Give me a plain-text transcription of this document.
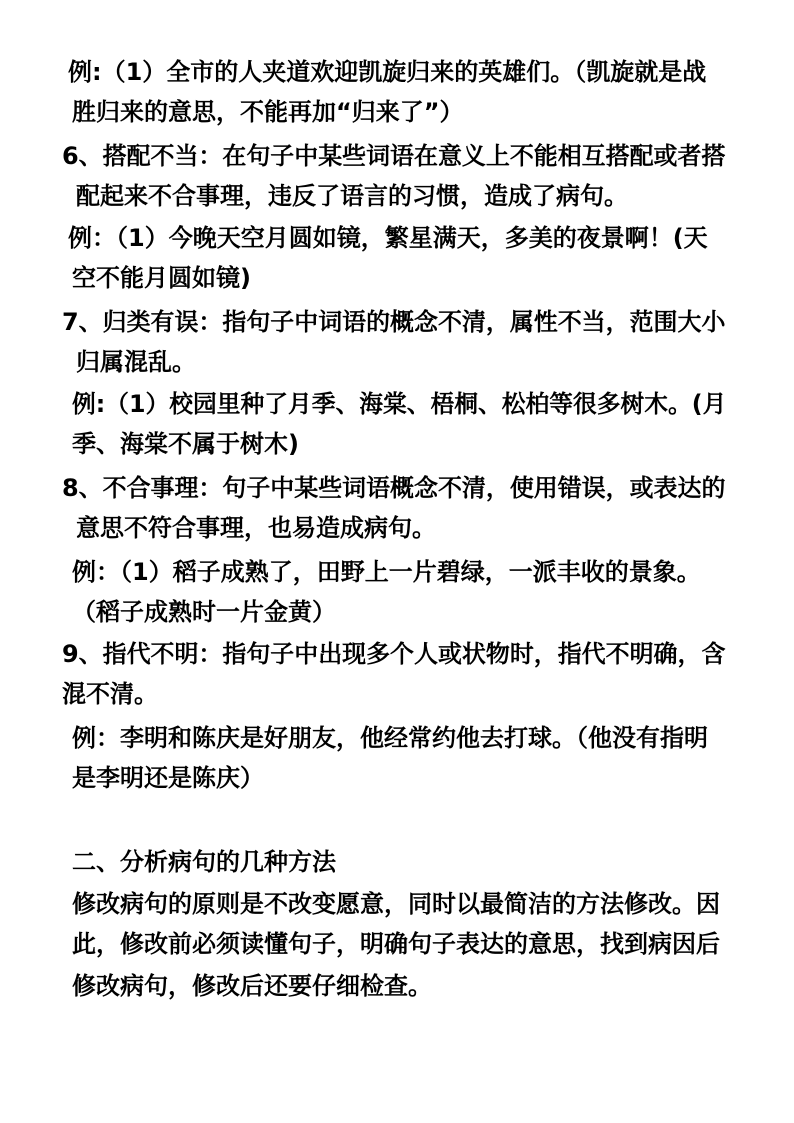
例:（1）全市的人夹道欢迎凯旋归来的英雄们。（凯旋就是战
胜归来的意思，不能再加“归来了”）
6、搭配不当：在句子中某些词语在意义上不能相互搭配或者搭
配起来不合事理，违反了语言的习惯，造成了病句。
例：（1）今晚天空月圆如镜，繁星满天，多美的夜景啊！(天
空不能月圆如镜)
7、归类有误：指句子中词语的概念不清，属性不当，范围大小
归属混乱。
例:（1）校园里种了月季、海棠、梧桐、松柏等很多树木。(月
季、海棠不属于树木)
8、不合事理：句子中某些词语概念不清，使用错误，或表达的
意思不符合事理，也易造成病句。
例：（1）稻子成熟了，田野上一片碧绿，一派丰收的景象。
（稻子成熟时一片金黄）
9、指代不明：指句子中出现多个人或状物时，指代不明确，含
混不清。
例：李明和陈庆是好朋友，他经常约他去打球。（他没有指明
是李明还是陈庆）
二、分析病句的几种方法
修改病句的原则是不改变愿意，同时以最简洁的方法修改。因
此，修改前必须读懂句子，明确句子表达的意思，找到病因后
修改病句，修改后还要仔细检查。
